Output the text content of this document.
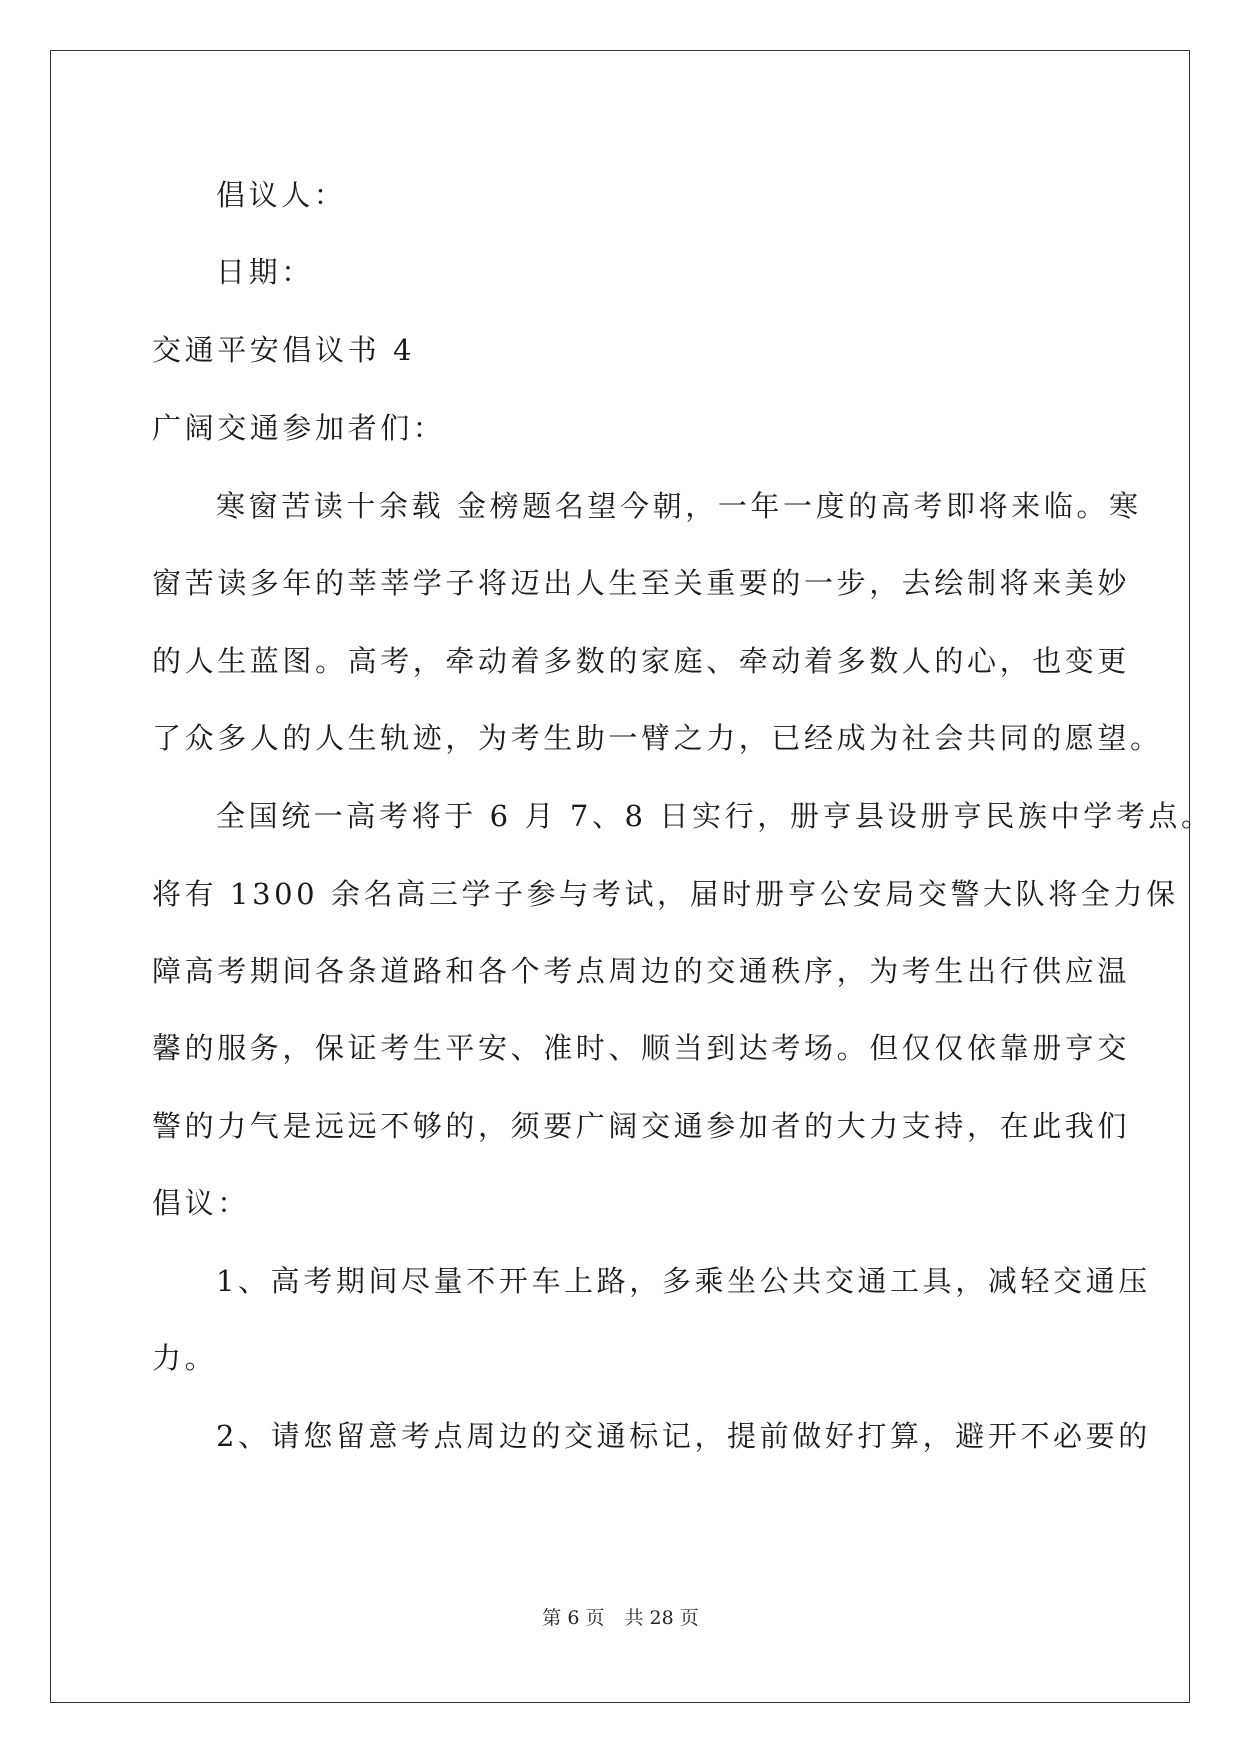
倡议人：
日期：
交通平安倡议书 4
广阔交通参加者们：
寒窗苦读十余载 金榜题名望今朝，一年一度的高考即将来临。寒
窗苦读多年的莘莘学子将迈出人生至关重要的一步，去绘制将来美妙
的人生蓝图。高考，牵动着多数的家庭、牵动着多数人的心，也变更
了众多人的人生轨迹，为考生助一臂之力，已经成为社会共同的愿望。
全国统一高考将于 6 月 7、8 日实行，册亨县设册亨民族中学考点。
将有 1300 余名高三学子参与考试，届时册亨公安局交警大队将全力保
障高考期间各条道路和各个考点周边的交通秩序，为考生出行供应温
馨的服务，保证考生平安、准时、顺当到达考场。但仅仅依靠册亨交
警的力气是远远不够的，须要广阔交通参加者的大力支持，在此我们
倡议：
1、高考期间尽量不开车上路，多乘坐公共交通工具，减轻交通压
力。
2、请您留意考点周边的交通标记，提前做好打算，避开不必要的
第 6 页 共 28 页
